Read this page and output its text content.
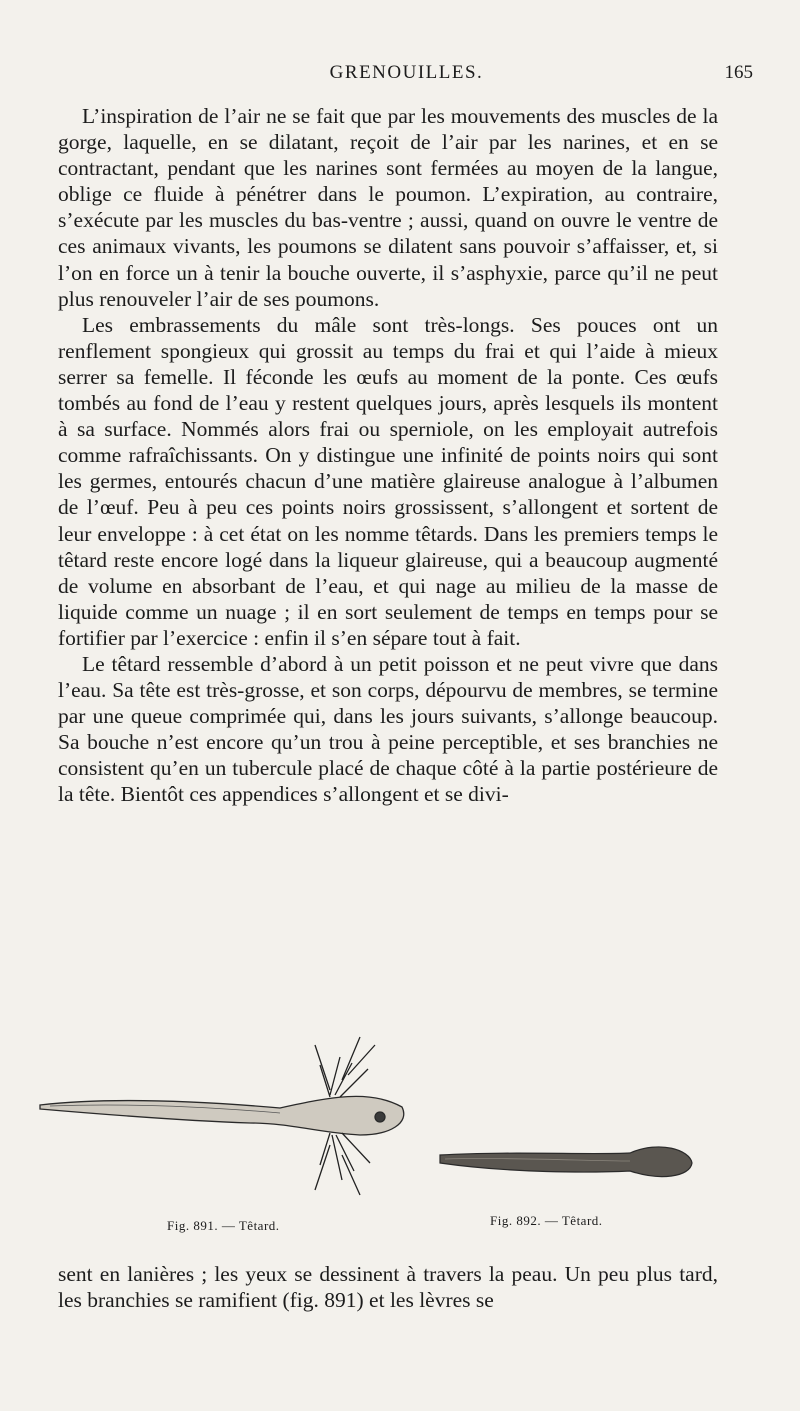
GRENOUILLES.	165

L’inspiration de l’air ne se fait que par les mouvements des muscles de la gorge, laquelle, en se dilatant, reçoit de l’air par les narines, et en se contractant, pendant que les narines sont fermées au moyen de la langue, oblige ce fluide à pénétrer dans le poumon. L’expiration, au contraire, s’exécute par les muscles du bas-ventre ; aussi, quand on ouvre le ventre de ces animaux vivants, les poumons se dilatent sans pouvoir s’affaisser, et, si l’on en force un à tenir la bouche ouverte, il s’asphyxie, parce qu’il ne peut plus renouveler l’air de ses poumons.

Les embrassements du mâle sont très-longs. Ses pouces ont un renflement spongieux qui grossit au temps du frai et qui l’aide à mieux serrer sa femelle. Il féconde les œufs au moment de la ponte. Ces œufs tombés au fond de l’eau y restent quelques jours, après lesquels ils montent à sa surface. Nommés alors frai ou sperniole, on les employait autrefois comme rafraîchissants. On y distingue une infinité de points noirs qui sont les germes, entourés chacun d’une matière glaireuse analogue à l’albumen de l’œuf. Peu à peu ces points noirs grossissent, s’allongent et sortent de leur enveloppe : à cet état on les nomme têtards. Dans les premiers temps le têtard reste encore logé dans la liqueur glaireuse, qui a beaucoup augmenté de volume en absorbant de l’eau, et qui nage au milieu de la masse de liquide comme un nuage ; il en sort seulement de temps en temps pour se fortifier par l’exercice : enfin il s’en sépare tout à fait.

Le têtard ressemble d’abord à un petit poisson et ne peut vivre que dans l’eau. Sa tête est très-grosse, et son corps, dépourvu de membres, se termine par une queue comprimée qui, dans les jours suivants, s’allonge beaucoup. Sa bouche n’est encore qu’un trou à peine perceptible, et ses branchies ne consistent qu’en un tubercule placé de chaque côté à la partie postérieure de la tête. Bientôt ces appendices s’allongent et se divi-

Fig. 891. — Têtard.	Fig. 892. — Têtard.

sent en lanières ; les yeux se dessinent à travers la peau. Un peu plus tard, les branchies se ramifient (fig. 891) et les lèvres se
